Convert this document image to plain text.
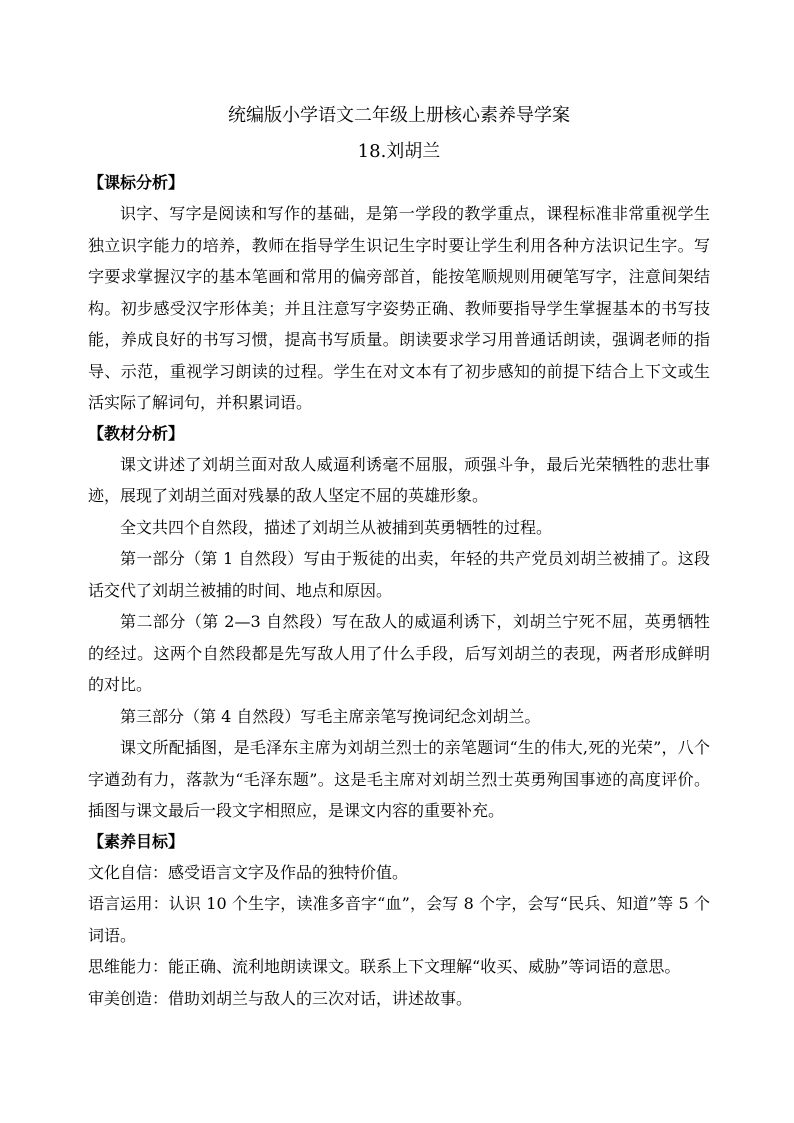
统编版小学语文二年级上册核心素养导学案
18.刘胡兰

【课标分析】

识字、写字是阅读和写作的基础，是第一学段的教学重点，课程标准非常重视学生独立识字能力的培养，教师在指导学生识记生字时要让学生利用各种方法识记生字。写字要求掌握汉字的基本笔画和常用的偏旁部首，能按笔顺规则用硬笔写字，注意间架结构。初步感受汉字形体美；并且注意写字姿势正确、教师要指导学生掌握基本的书写技能，养成良好的书写习惯，提高书写质量。朗读要求学习用普通话朗读，强调老师的指导、示范，重视学习朗读的过程。学生在对文本有了初步感知的前提下结合上下文或生活实际了解词句，并积累词语。

【教材分析】

课文讲述了刘胡兰面对敌人威逼利诱毫不屈服，顽强斗争，最后光荣牺牲的悲壮事迹，展现了刘胡兰面对残暴的敌人坚定不屈的英雄形象。

全文共四个自然段，描述了刘胡兰从被捕到英勇牺牲的过程。

第一部分（第 1 自然段）写由于叛徒的出卖，年轻的共产党员刘胡兰被捕了。这段话交代了刘胡兰被捕的时间、地点和原因。

第二部分（第 2—3 自然段）写在敌人的威逼利诱下，刘胡兰宁死不屈，英勇牺牲的经过。这两个自然段都是先写敌人用了什么手段，后写刘胡兰的表现，两者形成鲜明的对比。

第三部分（第 4 自然段）写毛主席亲笔写挽词纪念刘胡兰。

课文所配插图，是毛泽东主席为刘胡兰烈士的亲笔题词“生的伟大,死的光荣”，八个字遒劲有力，落款为“毛泽东题”。这是毛主席对刘胡兰烈士英勇殉国事迹的高度评价。插图与课文最后一段文字相照应，是课文内容的重要补充。

【素养目标】

文化自信：感受语言文字及作品的独特价值。

语言运用：认识 10 个生字，读准多音字“血”，会写 8 个字，会写“民兵、知道”等 5 个词语。

思维能力：能正确、流利地朗读课文。联系上下文理解“收买、威胁”等词语的意思。

审美创造：借助刘胡兰与敌人的三次对话，讲述故事。
